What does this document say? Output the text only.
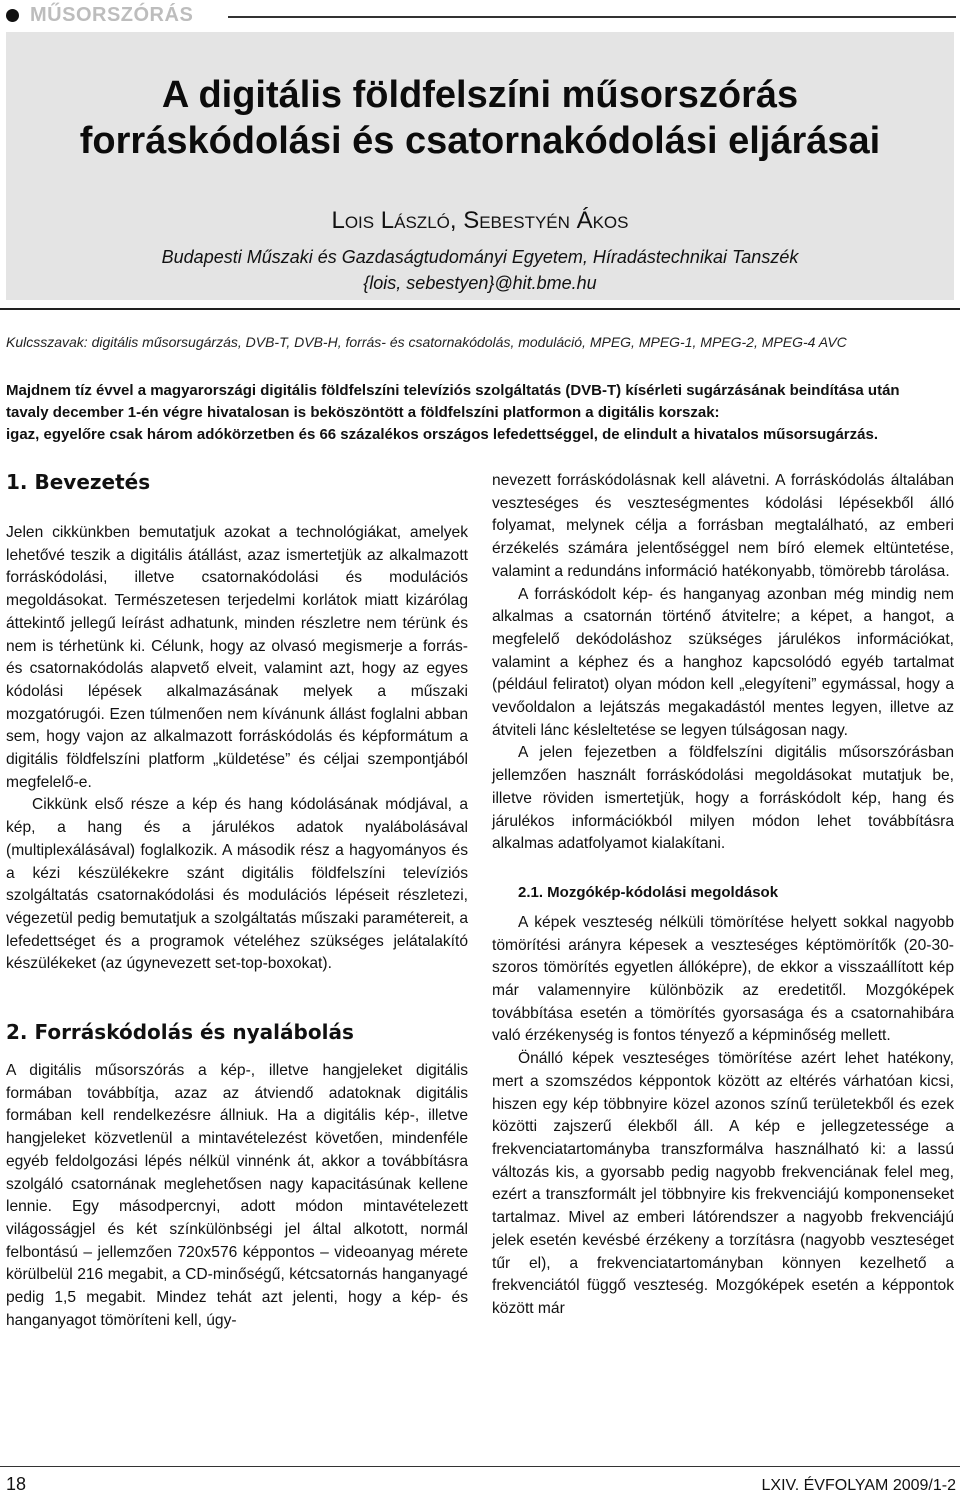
MŰSORSZÓRÁS
A digitális földfelszíni műsorszórás
forráskódolási és csatornakódolási eljárásai
Lois László, Sebestyén Ákos
Budapesti Műszaki és Gazdaságtudományi Egyetem, Híradástechnikai Tanszék
{lois, sebestyen}@hit.bme.hu
Kulcsszavak: digitális műsorsugárzás, DVB-T, DVB-H, forrás- és csatornakódolás, moduláció, MPEG, MPEG-1, MPEG-2, MPEG-4 AVC
Majdnem tíz évvel a magyarországi digitális földfelszíni televíziós szolgáltatás (DVB-T) kísérleti sugárzásának beindítása után
tavaly december 1-én végre hivatalosan is beköszöntött a földfelszíni platformon a digitális korszak:
igaz, egyelőre csak három adókörzetben és 66 százalékos országos lefedettséggel, de elindult a hivatalos műsorsugárzás.
1. Bevezetés

Jelen cikkünkben bemutatjuk azokat a technológiákat, amelyek lehetővé teszik a digitális átállást, azaz ismertetjük az alkalmazott forráskódolási, illetve csatornakódolási és modulációs megoldásokat. Természetesen terjedelmi korlátok miatt kizárólag áttekintő jellegű leírást adhatunk, minden részletre nem térünk és nem is térhetünk ki. Célunk, hogy az olvasó megismerje a forrás- és csatornakódolás alapvető elveit, valamint azt, hogy az egyes kódolási lépések alkalmazásának melyek a műszaki mozgatórugói. Ezen túlmenően nem kívánunk állást foglalni abban sem, hogy vajon az alkalmazott forráskódolás és képformátum a digitális földfelszíni platform „küldetése” és céljai szempontjából megfelelő-e.

Cikkünk első része a kép és hang kódolásának módjával, a kép, a hang és a járulékos adatok nyalábolásával (multiplexálásával) foglalkozik. A második rész a hagyományos és a kézi készülékekre szánt digitális földfelszíni televíziós szolgáltatás csatornakódolási és modulációs lépéseit részletezi, végezetül pedig bemutatjuk a szolgáltatás műszaki paramétereit, a lefedettséget és a programok vételéhez szükséges jelátalakító készülékeket (az úgynevezett set-top-boxokat).

2. Forráskódolás és nyalábolás

A digitális műsorszórás a kép-, illetve hangjeleket digitális formában továbbítja, azaz az átviendő adatoknak digitális formában kell rendelkezésre állniuk. Ha a digitális kép-, illetve hangjeleket közvetlenül a mintavételezést követően, mindenféle egyéb feldolgozási lépés nélkül vinnénk át, akkor a továbbításra szolgáló csatornának meglehetősen nagy kapacitásúnak kellene lennie. Egy másodpercnyi, adott módon mintavételezett világosságjel és két színkülönbségi jel által alkotott, normál felbontású – jellemzően 720x576 képpontos – videoanyag mérete körülbelül 216 megabit, a CD-minőségű, kétcsatornás hanganyagé pedig 1,5 megabit. Mindez tehát azt jelenti, hogy a kép- és hanganyagot tömöríteni kell, úgy-

nevezett forráskódolásnak kell alávetni. A forráskódolás általában veszteséges és veszteségmentes kódolási lépésekből álló folyamat, melynek célja a forrásban megtalálható, az emberi érzékelés számára jelentőséggel nem bíró elemek eltüntetése, valamint a redundáns információ hatékonyabb, tömörebb tárolása.

A forráskódolt kép- és hanganyag azonban még mindig nem alkalmas a csatornán történő átvitelre; a képet, a hangot, a megfelelő dekódoláshoz szükséges járulékos információkat, valamint a képhez és a hanghoz kapcsolódó egyéb tartalmat (például feliratot) olyan módon kell „elegyíteni” egymással, hogy a vevőoldalon a lejátszás megakadástól mentes legyen, illetve az átviteli lánc késleltetése se legyen túlságosan nagy.

A jelen fejezetben a földfelszíni digitális műsorszórásban jellemzően használt forráskódolási megoldásokat mutatjuk be, illetve röviden ismertetjük, hogy a forráskódolt kép, hang és járulékos információkból milyen módon lehet továbbításra alkalmas adatfolyamot kialakítani.

2.1. Mozgókép-kódolási megoldások

A képek veszteség nélküli tömörítése helyett sokkal nagyobb tömörítési arányra képesek a veszteséges képtömörítők (20-30-szoros tömörítés egyetlen állóképre), de ekkor a visszaállított kép már valamennyire különbözik az eredetitől. Mozgóképek továbbítása esetén a tömörítés gyorsasága és a csatornahibára való érzékenység is fontos tényező a képminőség mellett.

Önálló képek veszteséges tömörítése azért lehet hatékony, mert a szomszédos képpontok között az eltérés várhatóan kicsi, hiszen egy kép többnyire közel azonos színű területekből és ezek közötti zajszerű élekből áll. A kép e jellegzetessége a frekvenciatartományba transzformálva használható ki: a lassú változás kis, a gyorsabb pedig nagyobb frekvenciának felel meg, ezért a transzformált jel többnyire kis frekvenciájú komponenseket tartalmaz. Mivel az emberi látórendszer a nagyobb frekvenciájú jelek esetén kevésbé érzékeny a torzításra (nagyobb veszteséget tűr el), a frekvenciatartományban könnyen kezelhető a frekvenciától függő veszteség. Mozgóképek esetén a képpontok között már

18	LXIV. ÉVFOLYAM 2009/1-2
